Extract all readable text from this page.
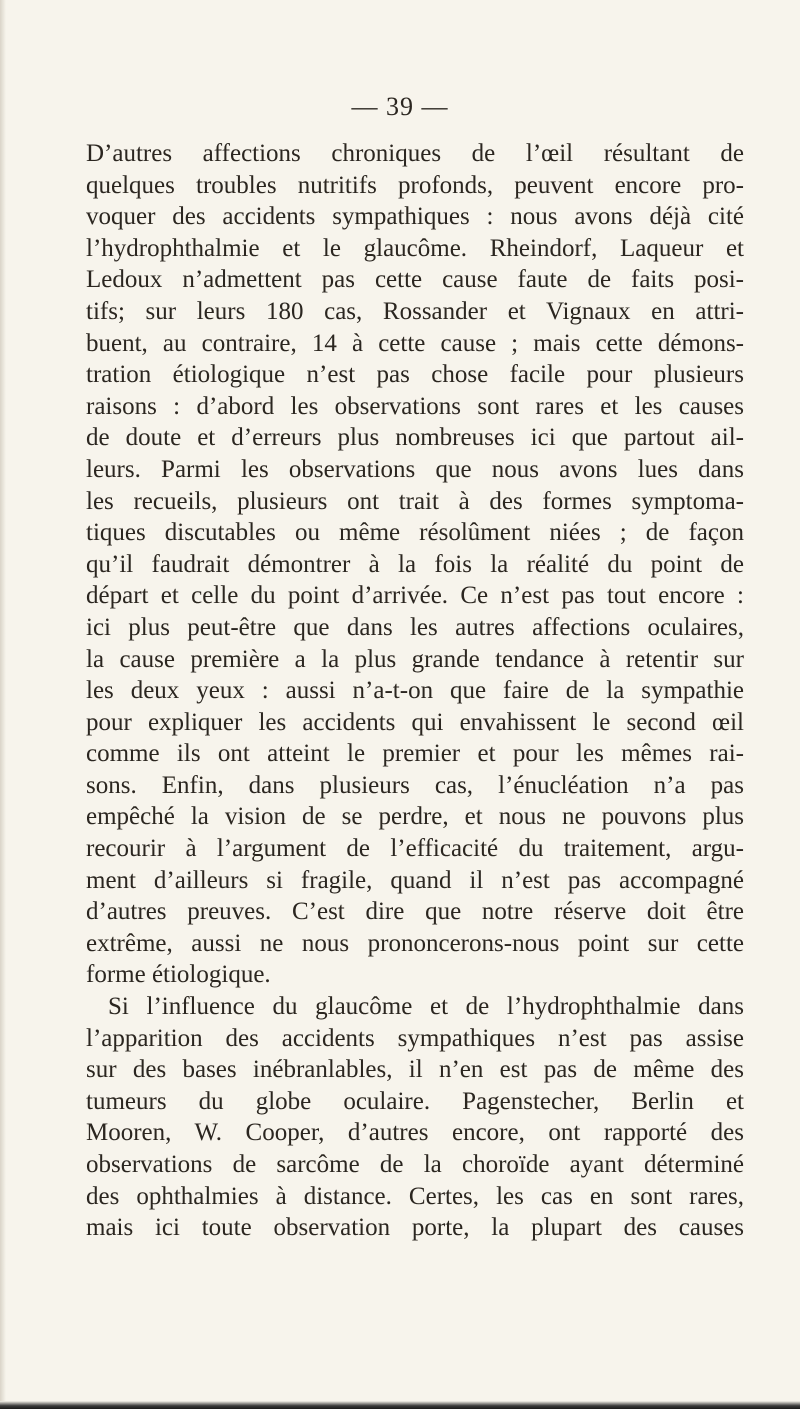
— 39 —
D’autres affections chroniques de l’œil résultant de
quelques troubles nutritifs profonds, peuvent encore pro-
voquer des accidents sympathiques : nous avons déjà cité
l’hydrophthalmie et le glaucôme. Rheindorf, Laqueur et
Ledoux n’admettent pas cette cause faute de faits posi-
tifs; sur leurs 180 cas, Rossander et Vignaux en attri-
buent, au contraire, 14 à cette cause ; mais cette démons-
tration étiologique n’est pas chose facile pour plusieurs
raisons : d’abord les observations sont rares et les causes
de doute et d’erreurs plus nombreuses ici que partout ail-
leurs. Parmi les observations que nous avons lues dans
les recueils, plusieurs ont trait à des formes symptoma-
tiques discutables ou même résolûment niées ; de façon
qu’il faudrait démontrer à la fois la réalité du point de
départ et celle du point d’arrivée. Ce n’est pas tout encore :
ici plus peut-être que dans les autres affections oculaires,
la cause première a la plus grande tendance à retentir sur
les deux yeux : aussi n’a-t-on que faire de la sympathie
pour expliquer les accidents qui envahissent le second œil
comme ils ont atteint le premier et pour les mêmes rai-
sons. Enfin, dans plusieurs cas, l’énucléation n’a pas
empêché la vision de se perdre, et nous ne pouvons plus
recourir à l’argument de l’efficacité du traitement, argu-
ment d’ailleurs si fragile, quand il n’est pas accompagné
d’autres preuves. C’est dire que notre réserve doit être
extrême, aussi ne nous prononcerons-nous point sur cette
forme étiologique.
Si l’influence du glaucôme et de l’hydrophthalmie dans
l’apparition des accidents sympathiques n’est pas assise
sur des bases inébranlables, il n’en est pas de même des
tumeurs du globe oculaire. Pagenstecher, Berlin et
Mooren, W. Cooper, d’autres encore, ont rapporté des
observations de sarcôme de la choroïde ayant déterminé
des ophthalmies à distance. Certes, les cas en sont rares,
mais ici toute observation porte, la plupart des causes
